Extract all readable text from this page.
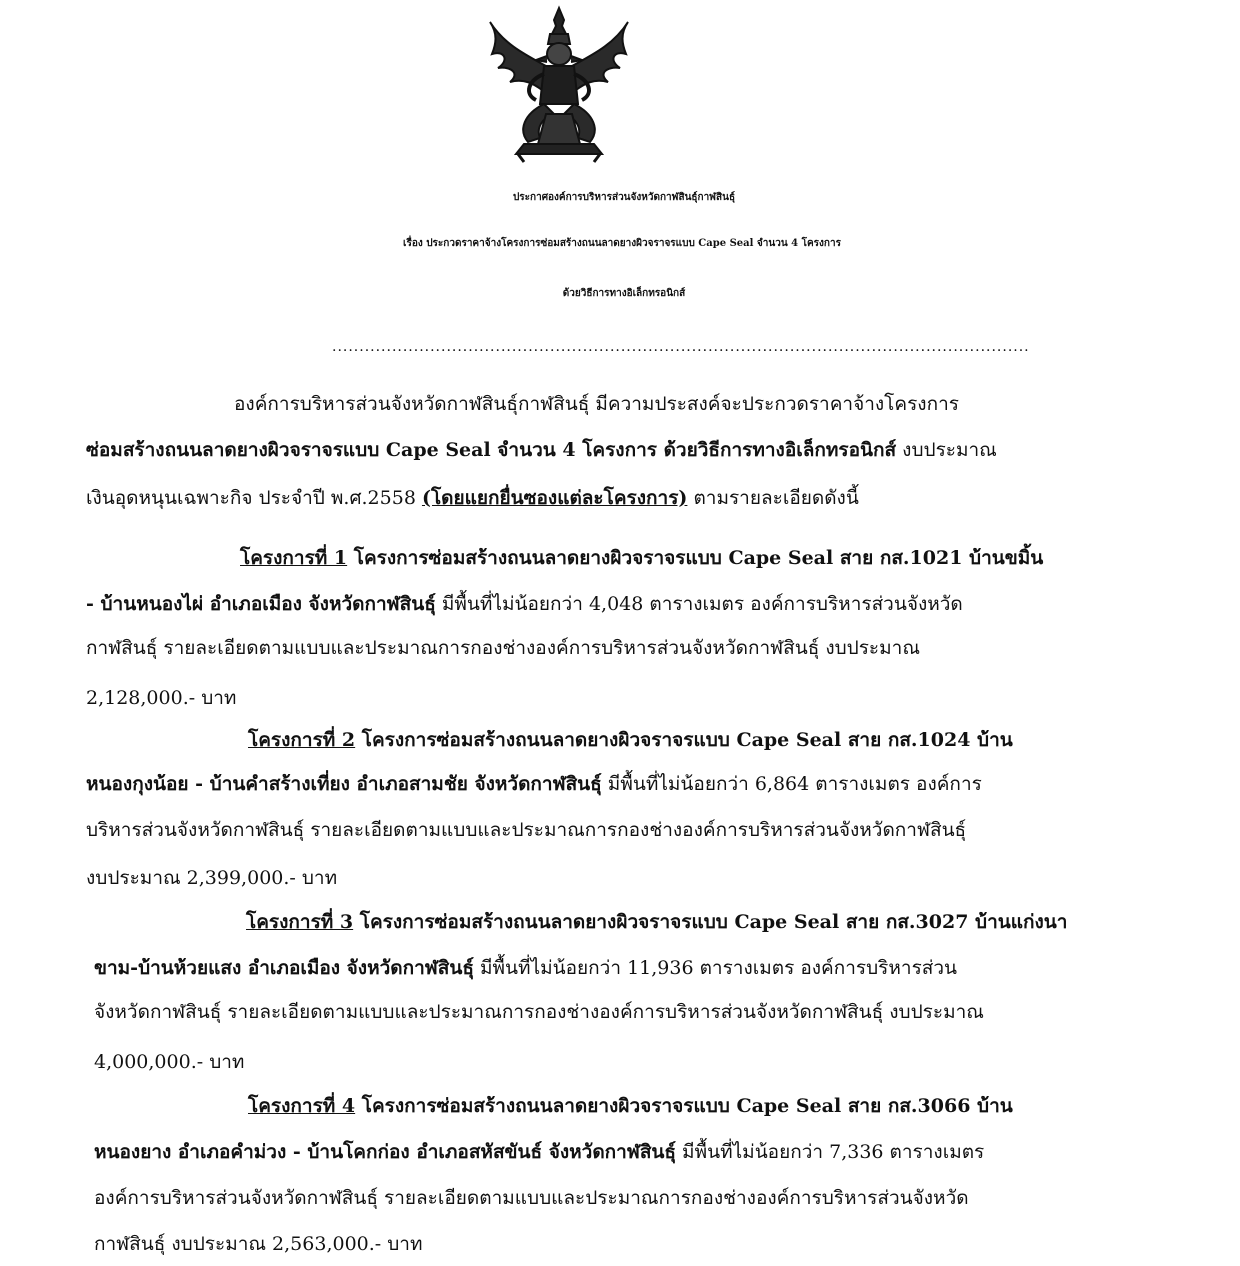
ประกาศองค์การบริหารส่วนจังหวัดกาฬสินธุ์กาฬสินธุ์
เรื่อง ประกวดราคาจ้างโครงการซ่อมสร้างถนนลาดยางผิวจราจรแบบ Cape Seal จำนวน 4 โครงการ
ด้วยวิธีการทางอิเล็กทรอนิกส์
................................................................................................................................
องค์การบริหารส่วนจังหวัดกาฬสินธุ์กาฬสินธุ์ มีความประสงค์จะประกวดราคาจ้างโครงการ
ซ่อมสร้างถนนลาดยางผิวจราจรแบบ Cape Seal จำนวน 4 โครงการ ด้วยวิธีการทางอิเล็กทรอนิกส์ งบประมาณ
เงินอุดหนุนเฉพาะกิจ ประจำปี พ.ศ.2558 (โดยแยกยื่นซองแต่ละโครงการ) ตามรายละเอียดดังนี้
โครงการที่ 1 โครงการซ่อมสร้างถนนลาดยางผิวจราจรแบบ Cape Seal สาย กส.1021 บ้านขมิ้น
- บ้านหนองไผ่ อำเภอเมือง จังหวัดกาฬสินธุ์ มีพื้นที่ไม่น้อยกว่า 4,048 ตารางเมตร องค์การบริหารส่วนจังหวัด
กาฬสินธุ์ รายละเอียดตามแบบและประมาณการกองช่างองค์การบริหารส่วนจังหวัดกาฬสินธุ์ งบประมาณ
2,128,000.- บาท
โครงการที่ 2 โครงการซ่อมสร้างถนนลาดยางผิวจราจรแบบ Cape Seal สาย กส.1024 บ้าน
หนองกุงน้อย - บ้านคำสร้างเที่ยง อำเภอสามชัย จังหวัดกาฬสินธุ์ มีพื้นที่ไม่น้อยกว่า 6,864 ตารางเมตร องค์การ
บริหารส่วนจังหวัดกาฬสินธุ์ รายละเอียดตามแบบและประมาณการกองช่างองค์การบริหารส่วนจังหวัดกาฬสินธุ์
งบประมาณ 2,399,000.- บาท
โครงการที่ 3 โครงการซ่อมสร้างถนนลาดยางผิวจราจรแบบ Cape Seal สาย กส.3027 บ้านแก่งนา
ขาม-บ้านห้วยแสง อำเภอเมือง จังหวัดกาฬสินธุ์ มีพื้นที่ไม่น้อยกว่า 11,936 ตารางเมตร องค์การบริหารส่วน
จังหวัดกาฬสินธุ์ รายละเอียดตามแบบและประมาณการกองช่างองค์การบริหารส่วนจังหวัดกาฬสินธุ์ งบประมาณ
4,000,000.- บาท
โครงการที่ 4 โครงการซ่อมสร้างถนนลาดยางผิวจราจรแบบ Cape Seal สาย กส.3066 บ้าน
หนองยาง อำเภอคำม่วง - บ้านโคกก่อง อำเภอสหัสขันธ์ จังหวัดกาฬสินธุ์ มีพื้นที่ไม่น้อยกว่า 7,336 ตารางเมตร
องค์การบริหารส่วนจังหวัดกาฬสินธุ์ รายละเอียดตามแบบและประมาณการกองช่างองค์การบริหารส่วนจังหวัด
กาฬสินธุ์ งบประมาณ 2,563,000.- บาท
